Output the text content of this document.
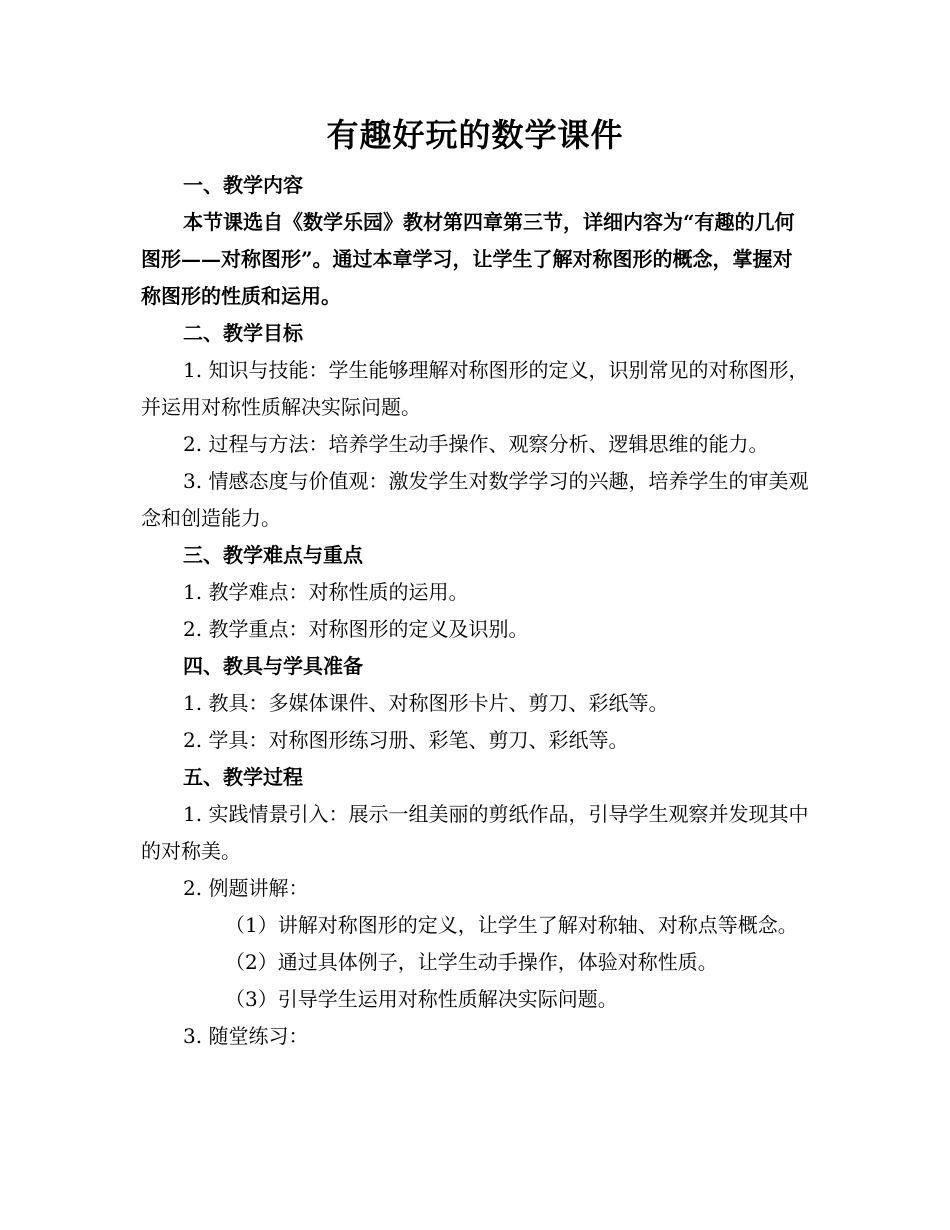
有趣好玩的数学课件

一、教学内容

本节课选自《数学乐园》教材第四章第三节，详细内容为“有趣的几何图形——对称图形”。通过本章学习，让学生了解对称图形的概念，掌握对称图形的性质和运用。

二、教学目标

1. 知识与技能：学生能够理解对称图形的定义，识别常见的对称图形，并运用对称性质解决实际问题。

2. 过程与方法：培养学生动手操作、观察分析、逻辑思维的能力。

3. 情感态度与价值观：激发学生对数学学习的兴趣，培养学生的审美观念和创造能力。

三、教学难点与重点

1. 教学难点：对称性质的运用。

2. 教学重点：对称图形的定义及识别。

四、教具与学具准备

1. 教具：多媒体课件、对称图形卡片、剪刀、彩纸等。

2. 学具：对称图形练习册、彩笔、剪刀、彩纸等。

五、教学过程

1. 实践情景引入：展示一组美丽的剪纸作品，引导学生观察并发现其中的对称美。

2. 例题讲解：

（1）讲解对称图形的定义，让学生了解对称轴、对称点等概念。

（2）通过具体例子，让学生动手操作，体验对称性质。

（3）引导学生运用对称性质解决实际问题。

3. 随堂练习：
